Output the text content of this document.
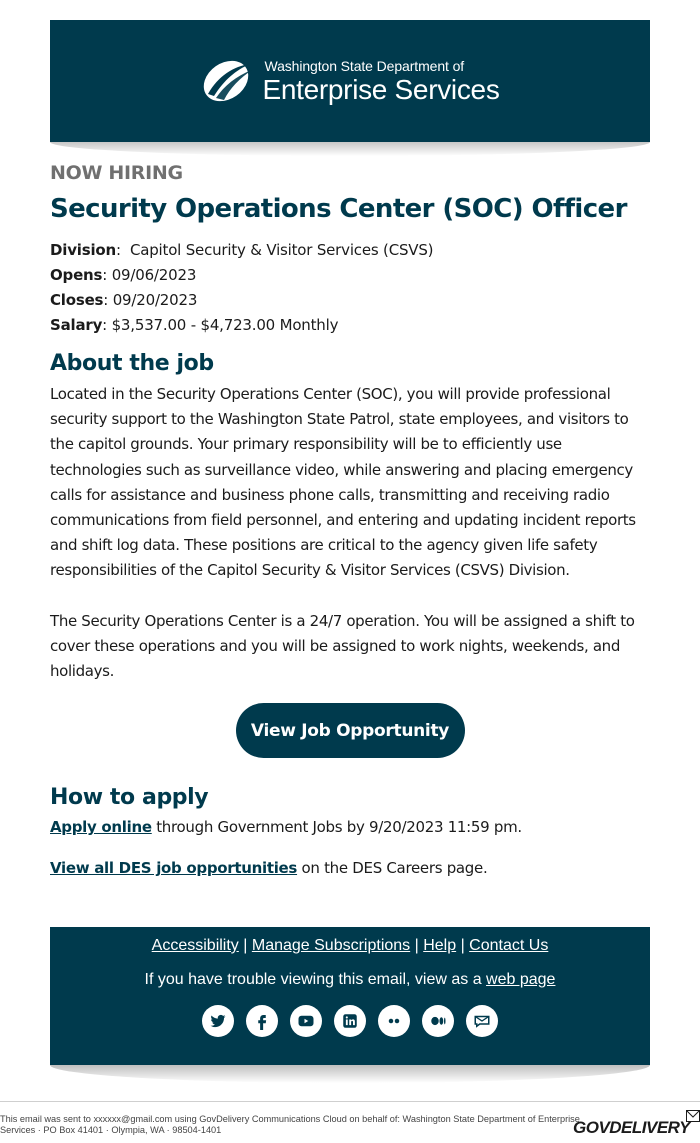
Washington State Department of
Enterprise Services
NOW HIRING
Security Operations Center (SOC) Officer
Division:  Capitol Security & Visitor Services (CSVS)
Opens: 09/06/2023
Closes: 09/20/2023
Salary: $3,537.00 - $4,723.00 Monthly
About the job

Located in the Security Operations Center (SOC), you will provide professional security support to the Washington State Patrol, state employees, and visitors to the capitol grounds. Your primary responsibility will be to efficiently use technologies such as surveillance video, while answering and placing emergency calls for assistance and business phone calls, transmitting and receiving radio communications from field personnel, and entering and updating incident reports and shift log data. These positions are critical to the agency given life safety responsibilities of the Capitol Security & Visitor Services (CSVS) Division.

The Security Operations Center is a 24/7 operation. You will be assigned a shift to cover these operations and you will be assigned to work nights, weekends, and holidays.

View Job Opportunity
How to apply

Apply online through Government Jobs by 9/20/2023 11:59 pm.

View all DES job opportunities on the DES Careers page.

Accessibility | Manage Subscriptions | Help | Contact Us
If you have trouble viewing this email, view as a web page
This email was sent to xxxxxx@gmail.com using GovDelivery Communications Cloud on behalf of: Washington State Department of Enterprise Services · PO Box 41401 · Olympia, WA · 98504-1401	GOVDELIVERY
